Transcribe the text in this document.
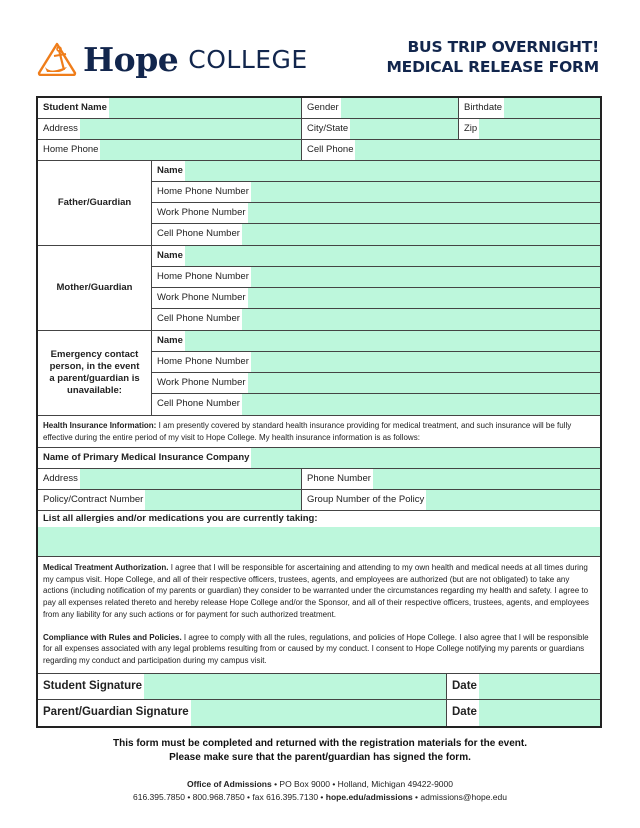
Hope COLLEGE	BUS TRIP OVERNIGHT!
MEDICAL RELEASE FORM
Student Name	Gender	Birthdate
Address	City/State	Zip
Home Phone	Cell Phone
Father/Guardian
Name
Home Phone Number
Work Phone Number
Cell Phone Number
Mother/Guardian
Name
Home Phone Number
Work Phone Number
Cell Phone Number
Emergency contact person, in the event a parent/guardian is unavailable:
Name
Home Phone Number
Work Phone Number
Cell Phone Number
Health Insurance Information: I am presently covered by standard health insurance providing for medical treatment, and such insurance will be fully effective during the entire period of my visit to Hope College. My health insurance information is as follows:
Name of Primary Medical Insurance Company
Address	Phone Number
Policy/Contract Number	Group Number of the Policy
List all allergies and/or medications you are currently taking:

Medical Treatment Authorization. I agree that I will be responsible for ascertaining and attending to my own health and medical needs at all times during my campus visit. Hope College, and all of their respective officers, trustees, agents, and employees are authorized (but are not obligated) to take any actions (including notification of my parents or guardian) they consider to be warranted under the circumstances regarding my health and safety. I agree to pay all expenses related thereto and hereby release Hope College and/or the Sponsor, and all of their respective officers, trustees, agents, and employees from any liability for any such actions or for payment for such authorized treatment.

Compliance with Rules and Policies. I agree to comply with all the rules, regulations, and policies of Hope College. I also agree that I will be responsible for all expenses associated with any legal problems resulting from or caused by my conduct. I consent to Hope College notifying my parents or guardians regarding my conduct and participation during my campus visit.

Student Signature	Date
Parent/Guardian Signature	Date
This form must be completed and returned with the registration materials for the event.
Please make sure that the parent/guardian has signed the form.
Office of Admissions • PO Box 9000 • Holland, Michigan 49422-9000
616.395.7850 • 800.968.7850 • fax 616.395.7130 • hope.edu/admissions • admissions@hope.edu
